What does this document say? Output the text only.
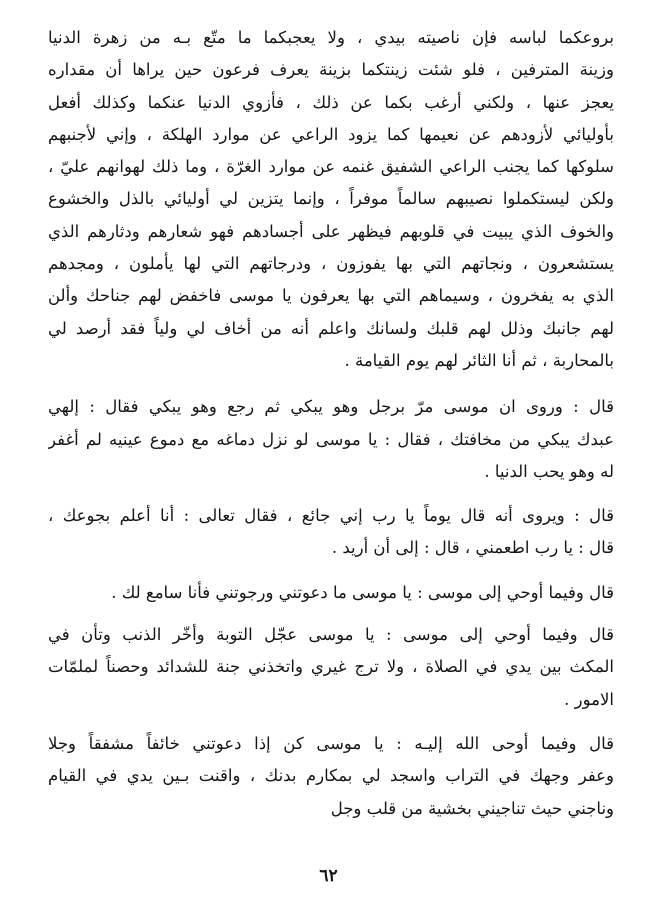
بروعكما لباسه فإن ناصيته بيدي ، ولا يعجبكما ما متّع بـه من زهرة الدنيا
وزينة المترفين ، فلو شئت زينتكما بزينة يعرف فرعون حين يراها أن مقداره
يعجز عنها ، ولكني أرغب بكما عن ذلك ، فأزوي الدنيا عنكما وكذلك أفعل
بأوليائي لأزودهم عن نعيمها كما يزود الراعي عن موارد الهلكة ، وإني لأجنبهم
سلوكها كما يجنب الراعي الشفيق غنمه عن موارد الغرّة ، وما ذلك لهوانهم عليّ ،
ولكن ليستكملوا نصيبهم سالماً موفراً ، وإنما يتزين لي أوليائي بالذل والخشوع
والخوف الذي يبيت في قلوبهم فيظهر على أجسادهم فهو شعارهم ودثارهم الذي
يستشعرون ، ونجاتهم التي بها يفوزون ، ودرجاتهم التي لها يأملون ، ومجدهم
الذي به يفخرون ، وسيماهم التي بها يعرفون يا موسى فاخفض لهم جناحك وألن
لهم جانبك وذلل لهم قلبك ولسانك واعلم أنه من أخاف لي ولياً فقد أرصد لي
بالمحاربة ، ثم أنا الثائر لهم يوم القيامة .
قال : وروى ان موسى مرّ برجل وهو يبكي ثم رجع وهو يبكي فقال : إلهي
عبدك يبكي من مخافتك ، فقال : يا موسى لو نزل دماغه مع دموع عينيه لم أغفر
له وهو يحب الدنيا .
قال : ويروى أنه قال يوماً يا رب إني جائع ، فقال تعالى : أنا أعلم بجوعك ،
قال : يا رب اطعمني ، قال : إلى أن أريد .
قال وفيما أوحي إلى موسى : يا موسى ما دعوتني ورجوتني فأنا سامع لك .
قال وفيما أوحي إلى موسى : يا موسى عجّل التوبة وأخّر الذنب وتأن في
المكث بين يدي في الصلاة ، ولا ترج غيري واتخذني جنة للشدائد وحصناً لملمّات
الامور .
قال وفيما أوحى الله إليـه : يا موسى كن إذا دعوتني خائفاً مشفقاً وجلا
وعفر وجهك في التراب واسجد لي بمكارم بدنك ، واقنت بـين يدي في القيام
وناجني حيث تناجيني بخشية من قلب وجل
٦٢
